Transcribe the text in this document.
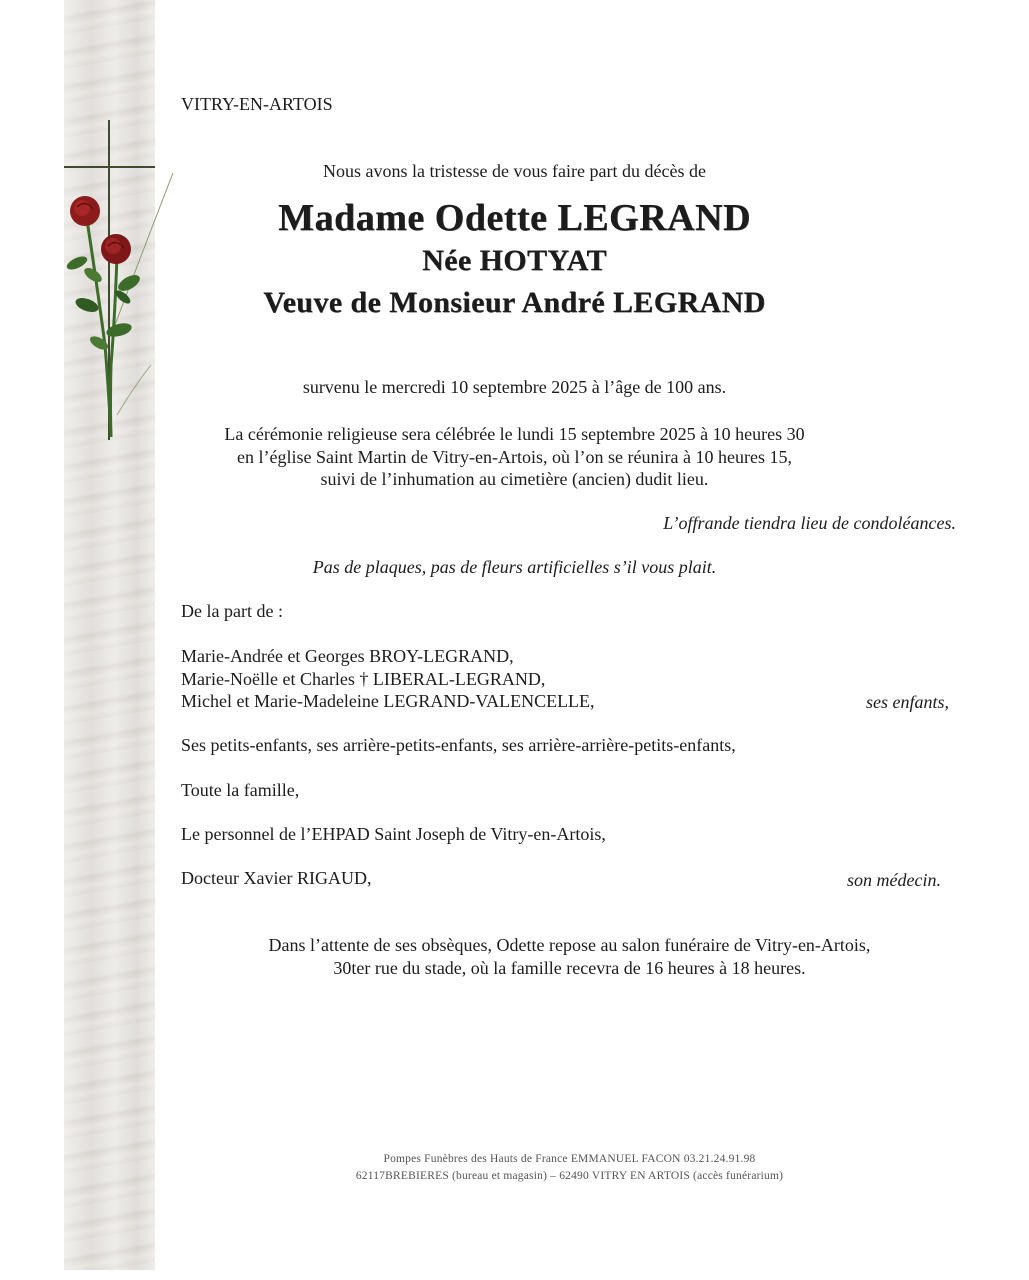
VITRY-EN-ARTOIS
Nous avons la tristesse de vous faire part du décès de
Madame Odette LEGRAND
Née HOTYAT
Veuve de Monsieur André LEGRAND
survenu le mercredi 10 septembre 2025 à l’âge de 100 ans.
La cérémonie religieuse sera célébrée le lundi 15 septembre 2025 à 10 heures 30
en l’église Saint Martin de Vitry-en-Artois, où l’on se réunira à 10 heures 15,
suivi de l’inhumation au cimetière (ancien) dudit lieu.
L’offrande tiendra lieu de condoléances.
Pas de plaques, pas de fleurs artificielles s’il vous plait.
De la part de :
Marie-Andrée et Georges BROY-LEGRAND,
Marie-Noëlle et Charles † LIBERAL-LEGRAND,
Michel et Marie-Madeleine LEGRAND-VALENCELLE,	ses enfants,
Ses petits-enfants, ses arrière-petits-enfants, ses arrière-arrière-petits-enfants,
Toute la famille,
Le personnel de l’EHPAD Saint Joseph de Vitry-en-Artois,
Docteur Xavier RIGAUD,	son médecin.
Dans l’attente de ses obsèques, Odette repose au salon funéraire de Vitry-en-Artois,
30ter rue du stade, où la famille recevra de 16 heures à 18 heures.
Pompes Funèbres des Hauts de France EMMANUEL FACON 03.21.24.91.98
62117BREBIERES (bureau et magasin) – 62490 VITRY EN ARTOIS (accès funérarium)
